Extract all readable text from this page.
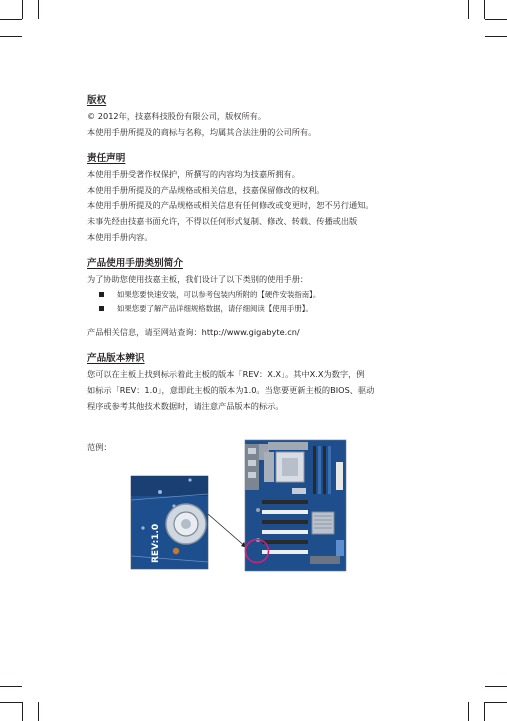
版权

© 2012年，技嘉科技股份有限公司，版权所有。

本使用手册所提及的商标与名称，均属其合法注册的公司所有。

责任声明

本使用手册受著作权保护，所撰写的内容均为技嘉所拥有。

本使用手册所提及的产品规格或相关信息，技嘉保留修改的权利。

本使用手册所提及的产品规格或相关信息有任何修改或变更时，恕不另行通知。

未事先经由技嘉书面允许，不得以任何形式复制、修改、转载、传播或出版

本使用手册内容。

产品使用手册类别简介

为了协助您使用技嘉主板，我们设计了以下类别的使用手册：

如果您要快速安装，可以参考包装内所附的【硬件安装指南】。
如果您要了解产品详细规格数据，请仔细阅读【使用手册】。

产品相关信息，请至网站查询：http://www.gigabyte.cn/

产品版本辨识

您可以在主板上找到标示着此主板的版本「REV：X.X」。其中X.X为数字，例

如标示「REV：1.0」，意即此主板的版本为1.0。当您要更新主板的BIOS、驱动

程序或参考其他技术数据时，请注意产品版本的标示。

范例：
REV:1.0
